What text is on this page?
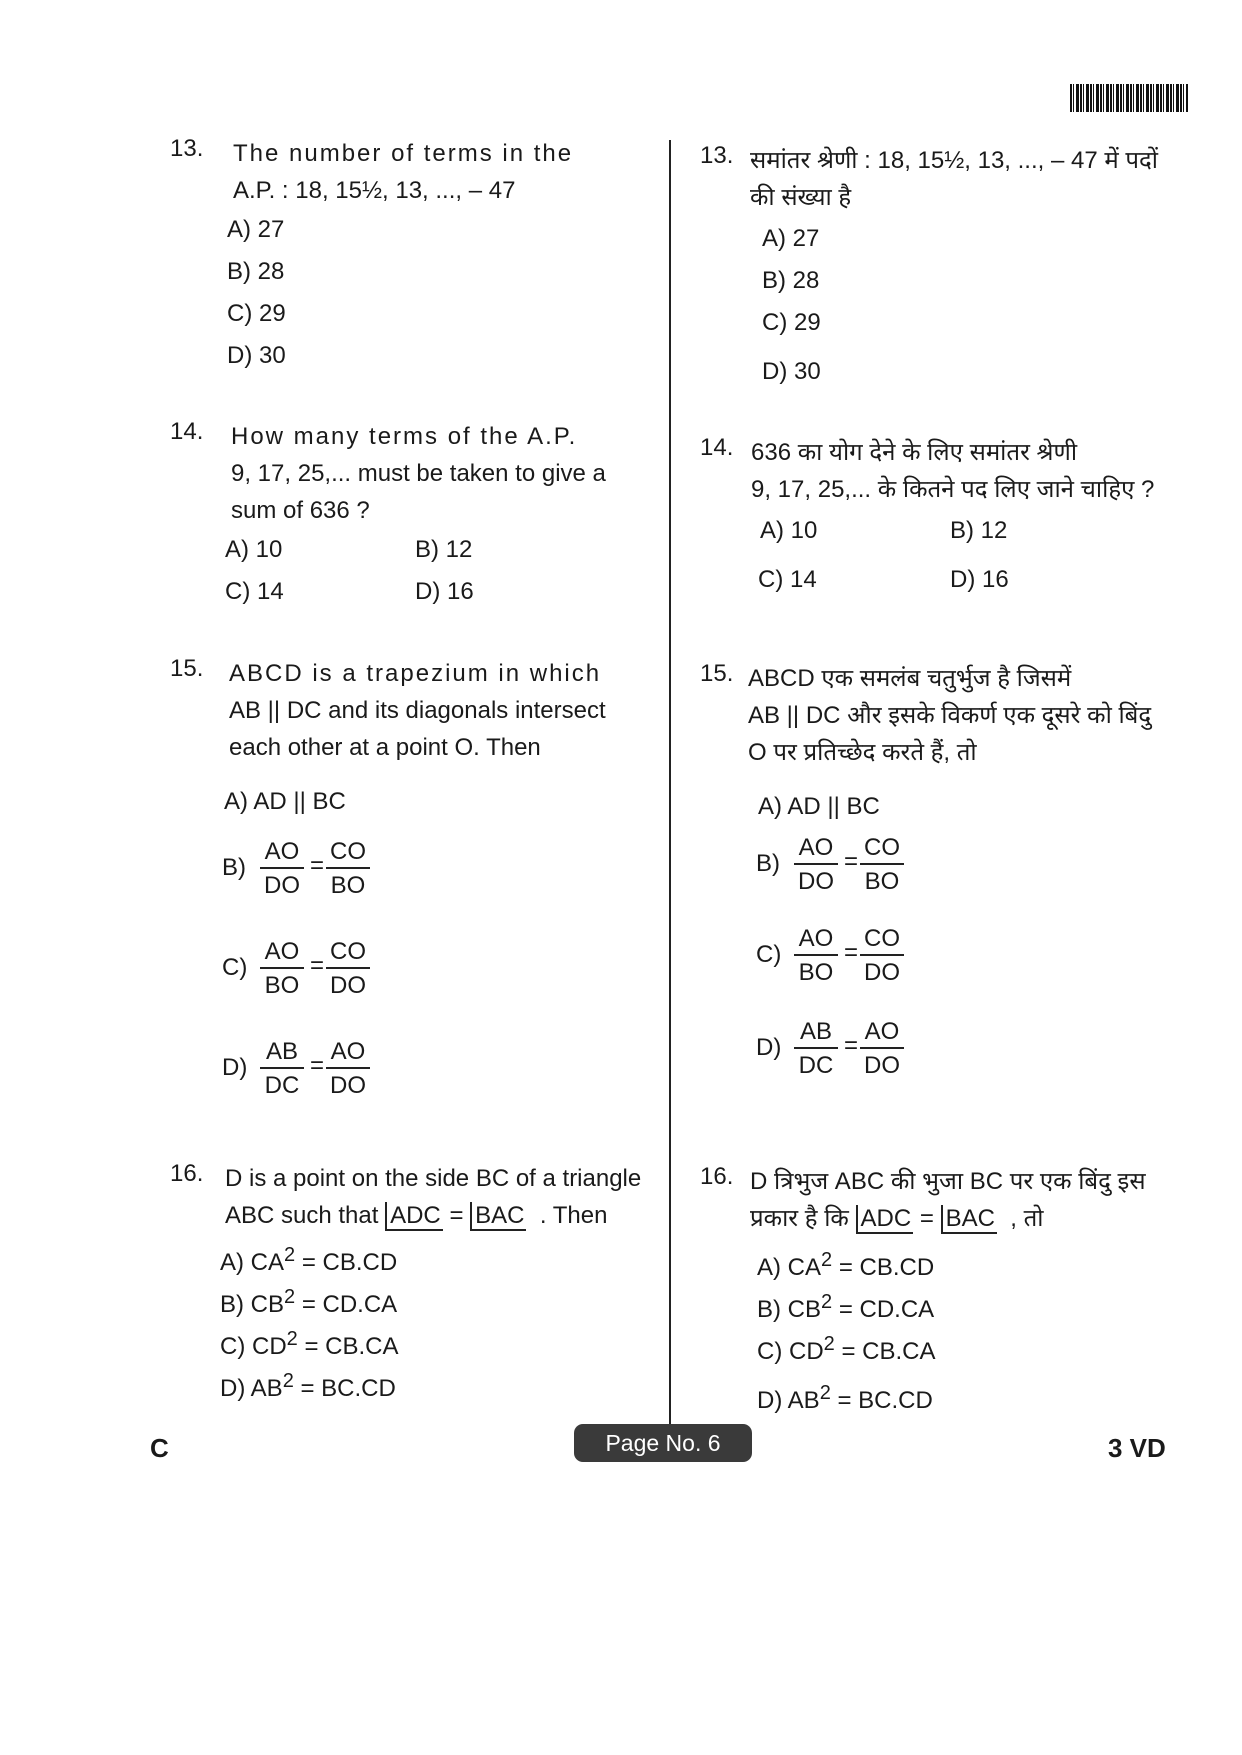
13. The number of terms in the
A.P. : 18, 15½, 13, ..., – 47
A) 27
B) 28
C) 29
D) 30
14. How many terms of the A.P.
9, 17, 25,... must be taken to give a
sum of 636 ?
A) 10	B) 12
C) 14	D) 16
15. ABCD is a trapezium in which
AB || DC and its diagonals intersect
each other at a point O. Then
A) AD || BC
$B) \frac{AO}{DO} = \frac{CO}{BO}$
$C) \frac{AO}{BO} = \frac{CO}{DO}$
$D) \frac{AB}{DC} = \frac{AO}{DO}$
16. D is a point on the side BC of a triangle
ABC such that ADC = BAC . Then
A) $CA^2 = CB.CD$
B) $CB^2 = CD.CA$
C) $CD^2 = CB.CA$
D) $AB^2 = BC.CD$
13. समांतर श्रेणी : 18, 15½, 13, ..., – 47 में पदों
की संख्या है
A) 27
B) 28
C) 29
D) 30
14. 636 का योग देने के लिए समांतर श्रेणी
9, 17, 25,... के कितने पद लिए जाने चाहिए ?
A) 10	B) 12
C) 14	D) 16
15. ABCD एक समलंब चतुर्भुज है जिसमें
AB || DC और इसके विकर्ण एक दूसरे को बिंदु
O पर प्रतिच्छेद करते हैं, तो
A) AD || BC
$B) \frac{AO}{DO} = \frac{CO}{BO}$
$C) \frac{AO}{BO} = \frac{CO}{DO}$
$D) \frac{AB}{DC} = \frac{AO}{DO}$
16. D त्रिभुज ABC की भुजा BC पर एक बिंदु इस
प्रकार है कि ADC = BAC , तो
A) $CA^2 = CB.CD$
B) $CB^2 = CD.CA$
C) $CD^2 = CB.CA$
D) $AB^2 = BC.CD$
C	Page No. 6	3 VD
